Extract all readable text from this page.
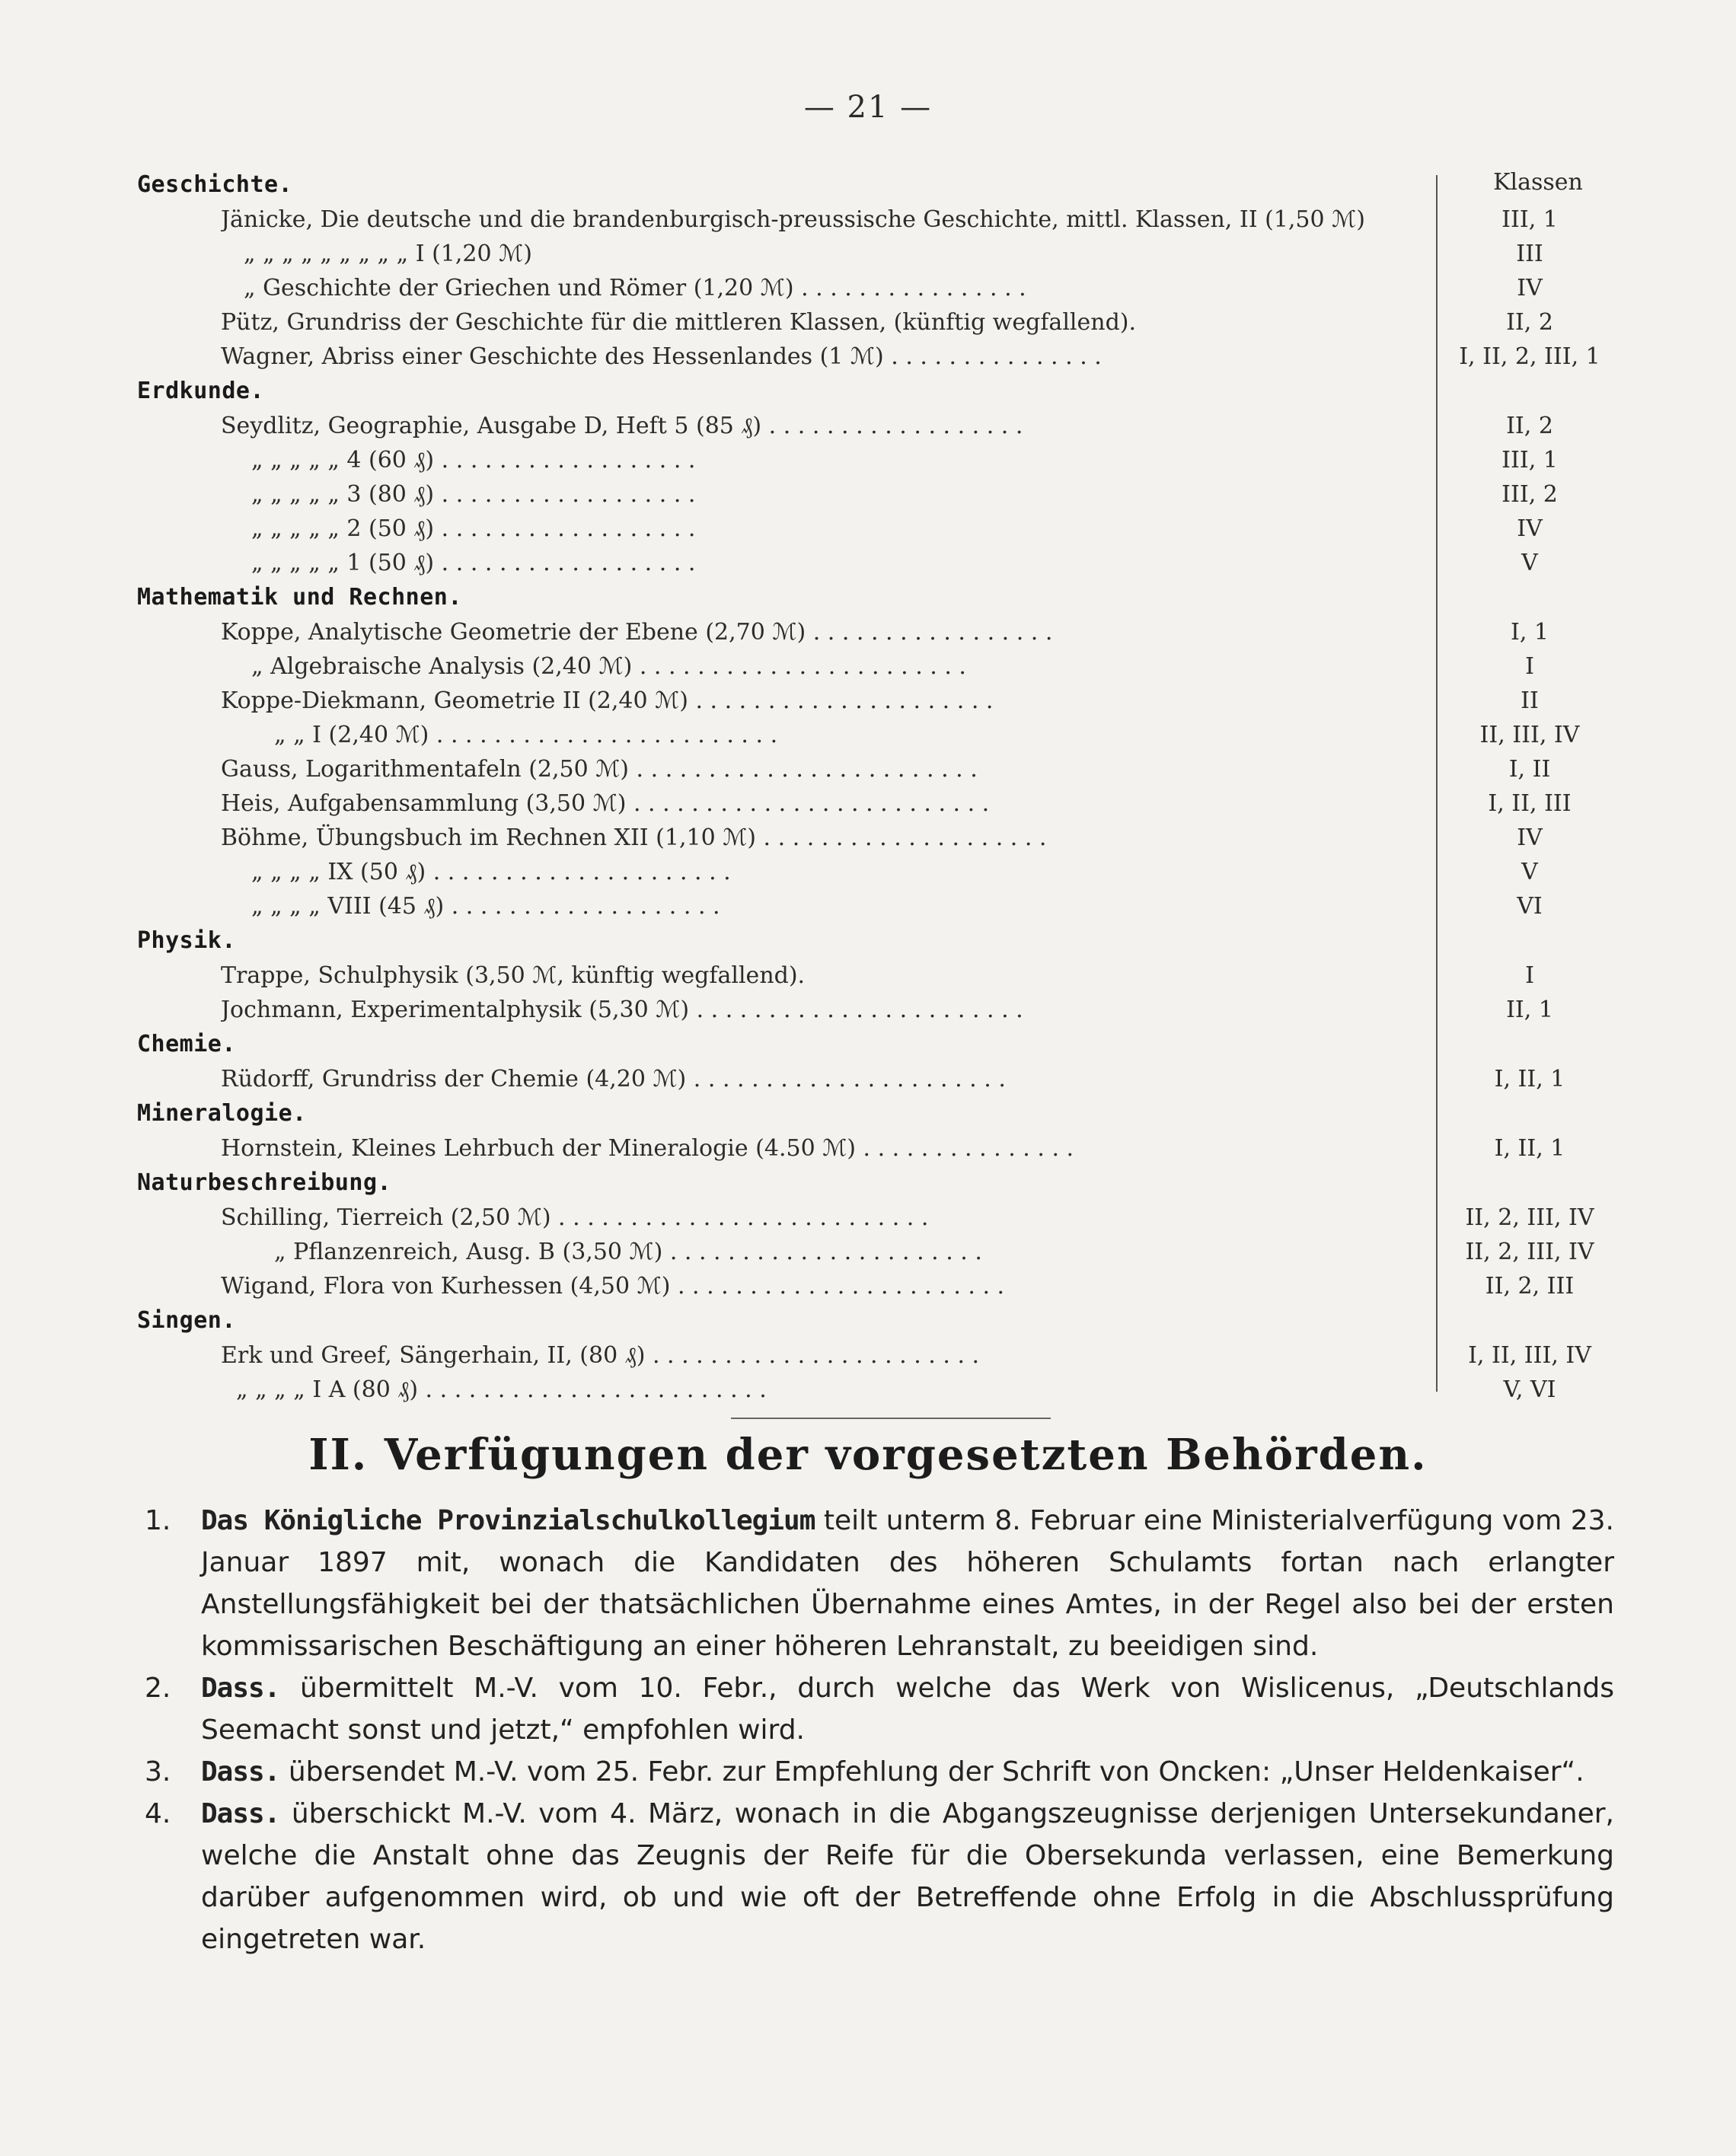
— 21 —
Klassen
Geschichte.
Jänicke, Die deutsche und die brandenburgisch-preussische Geschichte, mittl. Klassen, II (1,50 ℳ)	III, 1
„ „ „ „ „ „ „ „ „ I (1,20 ℳ)	III
„ Geschichte der Griechen und Römer (1,20 ℳ) . . . . . . . . . . . . . . . .	IV
Pütz, Grundriss der Geschichte für die mittleren Klassen, (künftig wegfallend).	II, 2
Wagner, Abriss einer Geschichte des Hessenlandes (1 ℳ) . . . . . . . . . . . . . . .	I, II, 2, III, 1
Erdkunde.
Seydlitz, Geographie, Ausgabe D, Heft 5 (85 ₰) . . . . . . . . . . . . . . . . . .	II, 2
„ „ „ „ „ 4 (60 ₰) . . . . . . . . . . . . . . . . . .	III, 1
„ „ „ „ „ 3 (80 ₰) . . . . . . . . . . . . . . . . . .	III, 2
„ „ „ „ „ 2 (50 ₰) . . . . . . . . . . . . . . . . . .	IV
„ „ „ „ „ 1 (50 ₰) . . . . . . . . . . . . . . . . . .	V
Mathematik und Rechnen.
Koppe, Analytische Geometrie der Ebene (2,70 ℳ) . . . . . . . . . . . . . . . . .	I, 1
„ Algebraische Analysis (2,40 ℳ) . . . . . . . . . . . . . . . . . . . . . . .	I
Koppe-Diekmann, Geometrie II (2,40 ℳ) . . . . . . . . . . . . . . . . . . . . .	II
„ „ I (2,40 ℳ) . . . . . . . . . . . . . . . . . . . . . . . .	II, III, IV
Gauss, Logarithmentafeln (2,50 ℳ) . . . . . . . . . . . . . . . . . . . . . . . .	I, II
Heis, Aufgabensammlung (3,50 ℳ) . . . . . . . . . . . . . . . . . . . . . . . . .	I, II, III
Böhme, Übungsbuch im Rechnen XII (1,10 ℳ) . . . . . . . . . . . . . . . . . . . .	IV
„ „ „ „ IX (50 ₰) . . . . . . . . . . . . . . . . . . . . .	V
„ „ „ „ VIII (45 ₰) . . . . . . . . . . . . . . . . . . .	VI
Physik.
Trappe, Schulphysik (3,50 ℳ, künftig wegfallend).	I
Jochmann, Experimentalphysik (5,30 ℳ) . . . . . . . . . . . . . . . . . . . . . . .	II, 1
Chemie.
Rüdorff, Grundriss der Chemie (4,20 ℳ) . . . . . . . . . . . . . . . . . . . . . .	I, II, 1
Mineralogie.
Hornstein, Kleines Lehrbuch der Mineralogie (4.50 ℳ) . . . . . . . . . . . . . . .	I, II, 1
Naturbeschreibung.
Schilling, Tierreich (2,50 ℳ) . . . . . . . . . . . . . . . . . . . . . . . . . .	II, 2, III, IV
„ Pflanzenreich, Ausg. B (3,50 ℳ) . . . . . . . . . . . . . . . . . . . . . .	II, 2, III, IV
Wigand, Flora von Kurhessen (4,50 ℳ) . . . . . . . . . . . . . . . . . . . . . . .	II, 2, III
Singen.
Erk und Greef, Sängerhain, II, (80 ₰) . . . . . . . . . . . . . . . . . . . . . . .	I, II, III, IV
„ „ „ „ I A (80 ₰) . . . . . . . . . . . . . . . . . . . . . . . .	V, VI
II. Verfügungen der vorgesetzten Behörden.
1.	Das Königliche Provinzialschulkollegium teilt unterm 8. Februar eine Ministerialverfügung vom 23. Januar 1897 mit, wonach die Kandidaten des höheren Schulamts fortan nach erlangter Anstellungsfähigkeit bei der thatsächlichen Übernahme eines Amtes, in der Regel also bei der ersten kommissarischen Beschäftigung an einer höheren Lehranstalt, zu beeidigen sind.
2.	Dass. übermittelt M.-V. vom 10. Febr., durch welche das Werk von Wislicenus, „Deutschlands Seemacht sonst und jetzt,“ empfohlen wird.
3.	Dass. übersendet M.-V. vom 25. Febr. zur Empfehlung der Schrift von Oncken: „Unser Heldenkaiser“.
4.	Dass. überschickt M.-V. vom 4. März, wonach in die Abgangszeugnisse derjenigen Untersekundaner, welche die Anstalt ohne das Zeugnis der Reife für die Obersekunda verlassen, eine Bemerkung darüber aufgenommen wird, ob und wie oft der Betreffende ohne Erfolg in die Abschlussprüfung eingetreten war.
